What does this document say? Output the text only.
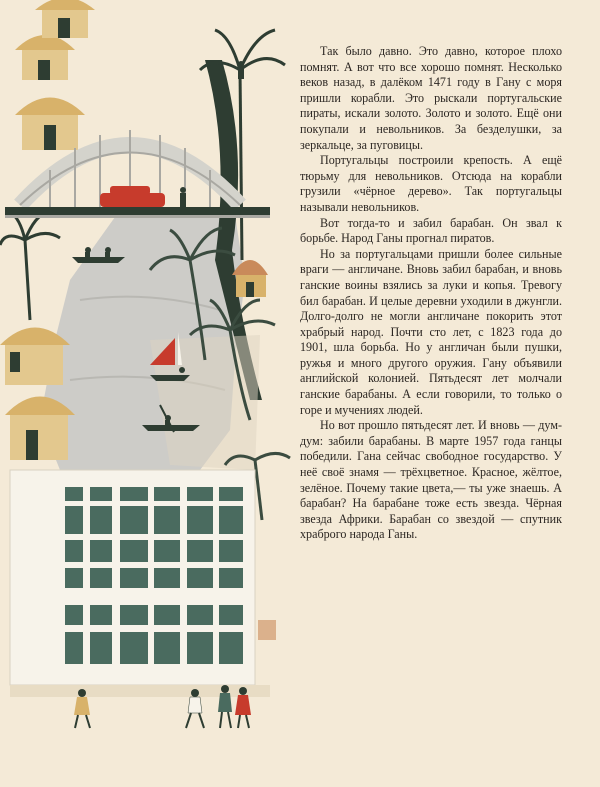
Так было давно. Это давно, которое плохо помнят. А вот что все хорошо помнят. Несколько веков назад, в далёком 1471 году в Гану с моря пришли корабли. Это рыскали португальские пираты, искали золото. Золото и золото. Ещё они покупали и невольников. За безделушки, за зеркальце, за пуговицы.

Португальцы построили крепость. А ещё тюрьму для невольников. Отсюда на корабли грузили «чёрное дерево». Так португальцы называли невольников.

Вот тогда-то и забил барабан. Он звал к борьбе. Народ Ганы прогнал пиратов.

Но за португальцами пришли более сильные враги — англичане. Вновь забил барабан, и вновь ганские воины взялись за луки и копья. Тревогу бил барабан. И целые деревни уходили в джунгли. Долго-долго не могли англичане покорить этот храбрый народ. Почти сто лет, с 1823 года до 1901, шла борьба. Но у англичан были пушки, ружья и много другого оружия. Гану объявили английской колонией. Пятьдесят лет молчали ганские барабаны. А если говорили, то только о горе и мучениях людей.

Но вот прошло пятьдесят лет. И вновь — дум-дум: забили барабаны. В марте 1957 года ганцы победили. Гана сейчас свободное государство. У неё своё знамя — трёхцветное. Красное, жёлтое, зелёное. Почему такие цвета,— ты уже знаешь. А барабан? На барабане тоже есть звезда. Чёрная звезда Африки. Барабан со звездой — спутник храброго народа Ганы.
